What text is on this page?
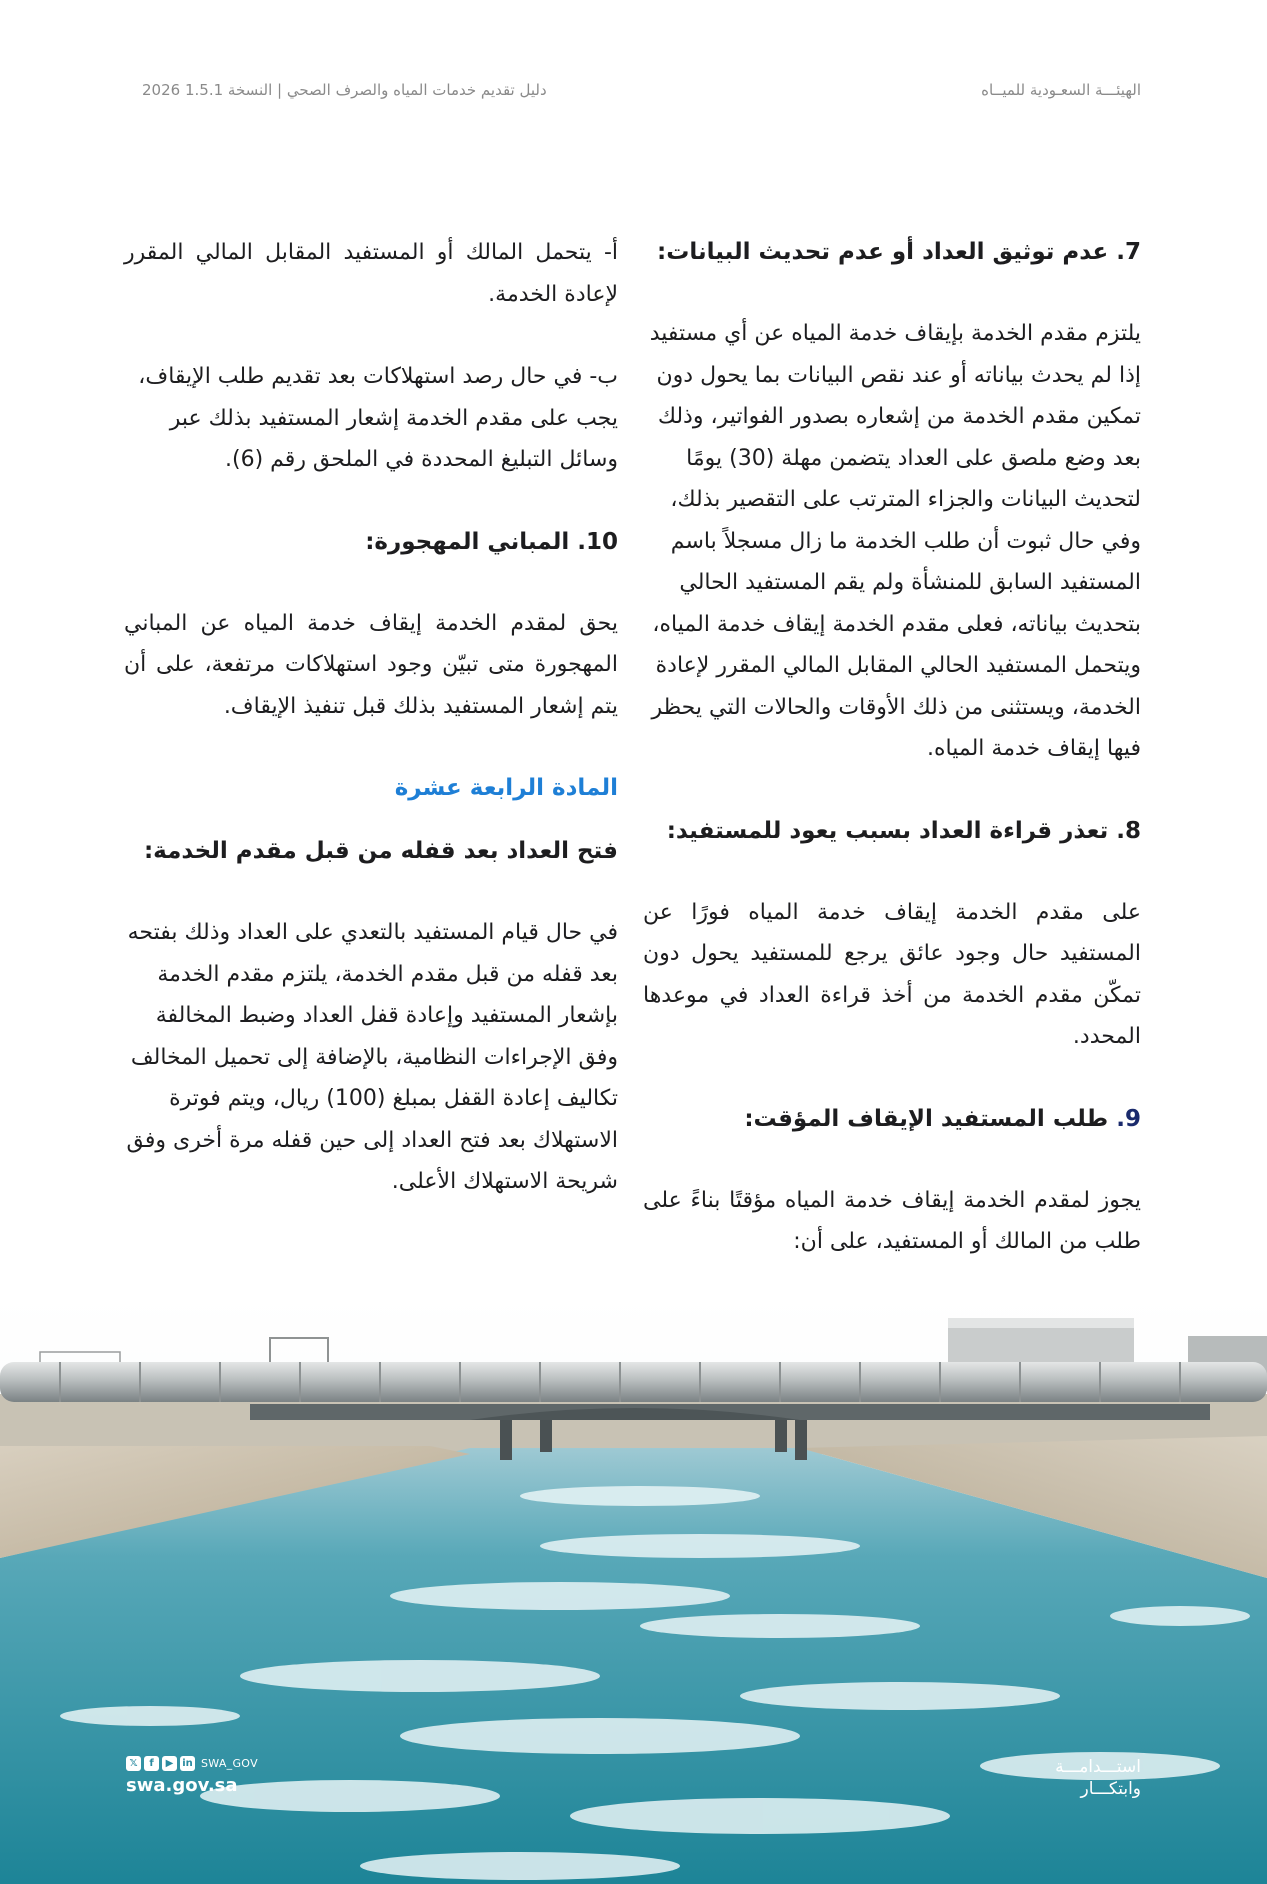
الهيئـــة السعـودية للميــاه
دليل تقديم خدمات المياه والصرف الصحي | النسخة 1.5.1 2026
7. عدم توثيق العداد أو عدم تحديث البيانات:
يلتزم مقدم الخدمة بإيقاف خدمة المياه عن أي مستفيد إذا لم يحدث بياناته أو عند نقص البيانات بما يحول دون تمكين مقدم الخدمة من إشعاره بصدور الفواتير، وذلك بعد وضع ملصق على العداد يتضمن مهلة (30) يومًا لتحديث البيانات والجزاء المترتب على التقصير بذلك، وفي حال ثبوت أن طلب الخدمة ما زال مسجلاً باسم المستفيد السابق للمنشأة ولم يقم المستفيد الحالي بتحديث بياناته، فعلى مقدم الخدمة إيقاف خدمة المياه، ويتحمل المستفيد الحالي المقابل المالي المقرر لإعادة الخدمة، ويستثنى من ذلك الأوقات والحالات التي يحظر فيها إيقاف خدمة المياه.
8. تعذر قراءة العداد بسبب يعود للمستفيد:
على مقدم الخدمة إيقاف خدمة المياه فورًا عن المستفيد حال وجود عائق يرجع للمستفيد يحول دون تمكّن مقدم الخدمة من أخذ قراءة العداد في موعدها المحدد.
9. طلب المستفيد الإيقاف المؤقت:
يجوز لمقدم الخدمة إيقاف خدمة المياه مؤقتًا بناءً على طلب من المالك أو المستفيد، على أن:
أ- يتحمل المالك أو المستفيد المقابل المالي المقرر لإعادة الخدمة.
ب- في حال رصد استهلاكات بعد تقديم طلب الإيقاف، يجب على مقدم الخدمة إشعار المستفيد بذلك عبر وسائل التبليغ المحددة في الملحق رقم (6).
10. المباني المهجورة:
يحق لمقدم الخدمة إيقاف خدمة المياه عن المباني المهجورة متى تبيّن وجود استهلاكات مرتفعة، على أن يتم إشعار المستفيد بذلك قبل تنفيذ الإيقاف.
المادة الرابعة عشرة
فتح العداد بعد قفله من قبل مقدم الخدمة:
في حال قيام المستفيد بالتعدي على العداد وذلك بفتحه بعد قفله من قبل مقدم الخدمة، يلتزم مقدم الخدمة بإشعار المستفيد وإعادة قفل العداد وضبط المخالفة وفق الإجراءات النظامية، بالإضافة إلى تحميل المخالف تكاليف إعادة القفل بمبلغ (100) ريال، ويتم فوترة الاستهلاك بعد فتح العداد إلى حين قفله مرة أخرى وفق شريحة الاستهلاك الأعلى.
𝕏	f	▶ in SWA_GOV
swa.gov.sa
استـــدامـــة
وابتكـــار
